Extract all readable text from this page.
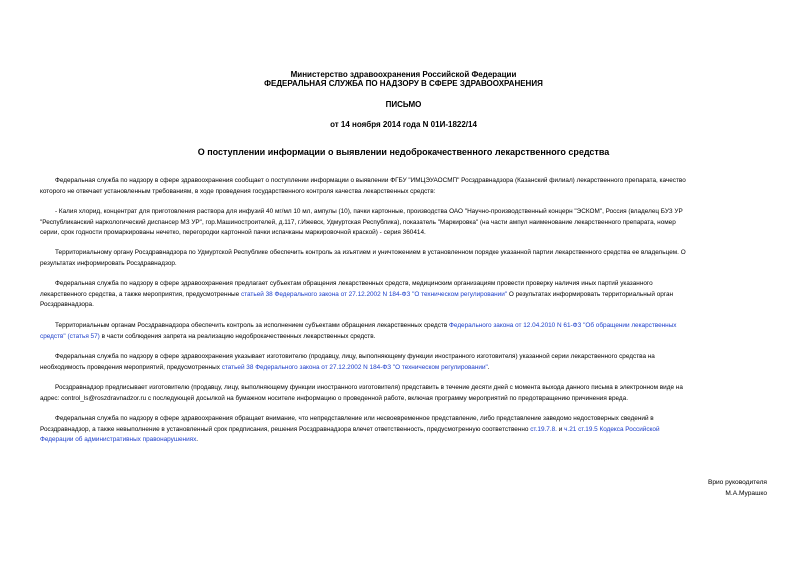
Министерство здравоохранения Российской Федерации
ФЕДЕРАЛЬНАЯ СЛУЖБА ПО НАДЗОРУ В СФЕРЕ ЗДРАВООХРАНЕНИЯ
ПИСЬМО
от 14 ноября 2014 года N 01И-1822/14
О поступлении информации о выявлении недоброкачественного лекарственного средства
Федеральная служба по надзору в сфере здравоохранения сообщает о поступлении информации о выявлении ФГБУ "ИМЦЭУАОСМП" Росздравнадзора (Казанский филиал) лекарственного препарата, качество
которого не отвечает установленным требованиям, в ходе проведения государственного контроля качества лекарственных средств:
- Калия хлорид, концентрат для приготовления раствора для инфузий 40 мг/мл 10 мл, ампулы (10), пачки картонные, производства ОАО "Научно-производственный концерн "ЭСКОМ", Россия (владелец БУЗ УР
"Республиканский наркологический диспансер МЗ УР", гор.Машиностроителей, д.117, г.Ижевск, Удмуртская Республика), показатель "Маркировка" (на части ампул наименование лекарственного препарата, номер
серии, срок годности промаркированы нечетко, перегородки картонной пачки испачканы маркировочной краской) - серия 360414.
Территориальному органу Росздравнадзора по Удмуртской Республике обеспечить контроль за изъятием и уничтожением в установленном порядке указанной партии лекарственного средства ее владельцем. О
результатах информировать Росздравнадзор.
Федеральная служба по надзору в сфере здравоохранения предлагает субъектам обращения лекарственных средств, медицинским организациям провести проверку наличия иных партий указанного
лекарственного средства, а также мероприятия, предусмотренные статьей 38 Федерального закона от 27.12.2002 N 184-ФЗ "О техническом регулировании" О результатах информировать территориальный орган
Росздравнадзора.
Территориальным органам Росздравнадзора обеспечить контроль за исполнением субъектами обращения лекарственных средств Федерального закона от 12.04.2010 N 61-ФЗ "Об обращении лекарственных
средств" (статья 57) в части соблюдения запрета на реализацию недоброкачественных лекарственных средств.
Федеральная служба по надзору в сфере здравоохранения указывает изготовителю (продавцу, лицу, выполняющему функции иностранного изготовителя) указанной серии лекарственного средства на
необходимость проведения мероприятий, предусмотренных статьей 38 Федерального закона от 27.12.2002 N 184-ФЗ "О техническом регулировании".
Росздравнадзор предписывает изготовителю (продавцу, лицу, выполняющему функции иностранного изготовителя) представить в течение десяти дней с момента выхода данного письма в электронном виде на
адрес: control_ls@roszdravnadzor.ru с последующей досылкой на бумажном носителе информацию о проведенной работе, включая программу мероприятий по предотвращению причинения вреда.
Федеральная служба по надзору в сфере здравоохранения обращает внимание, что непредставление или несвоевременное представление, либо представление заведомо недостоверных сведений в
Росздравнадзор, а также невыполнение в установленный срок предписания, решения Росздравнадзора влечет ответственность, предусмотренную соответственно ст.19.7.8. и ч.21 ст.19.5 Кодекса Российской
Федерации об административных правонарушениях.
Врио руководителя
М.А.Мурашко
